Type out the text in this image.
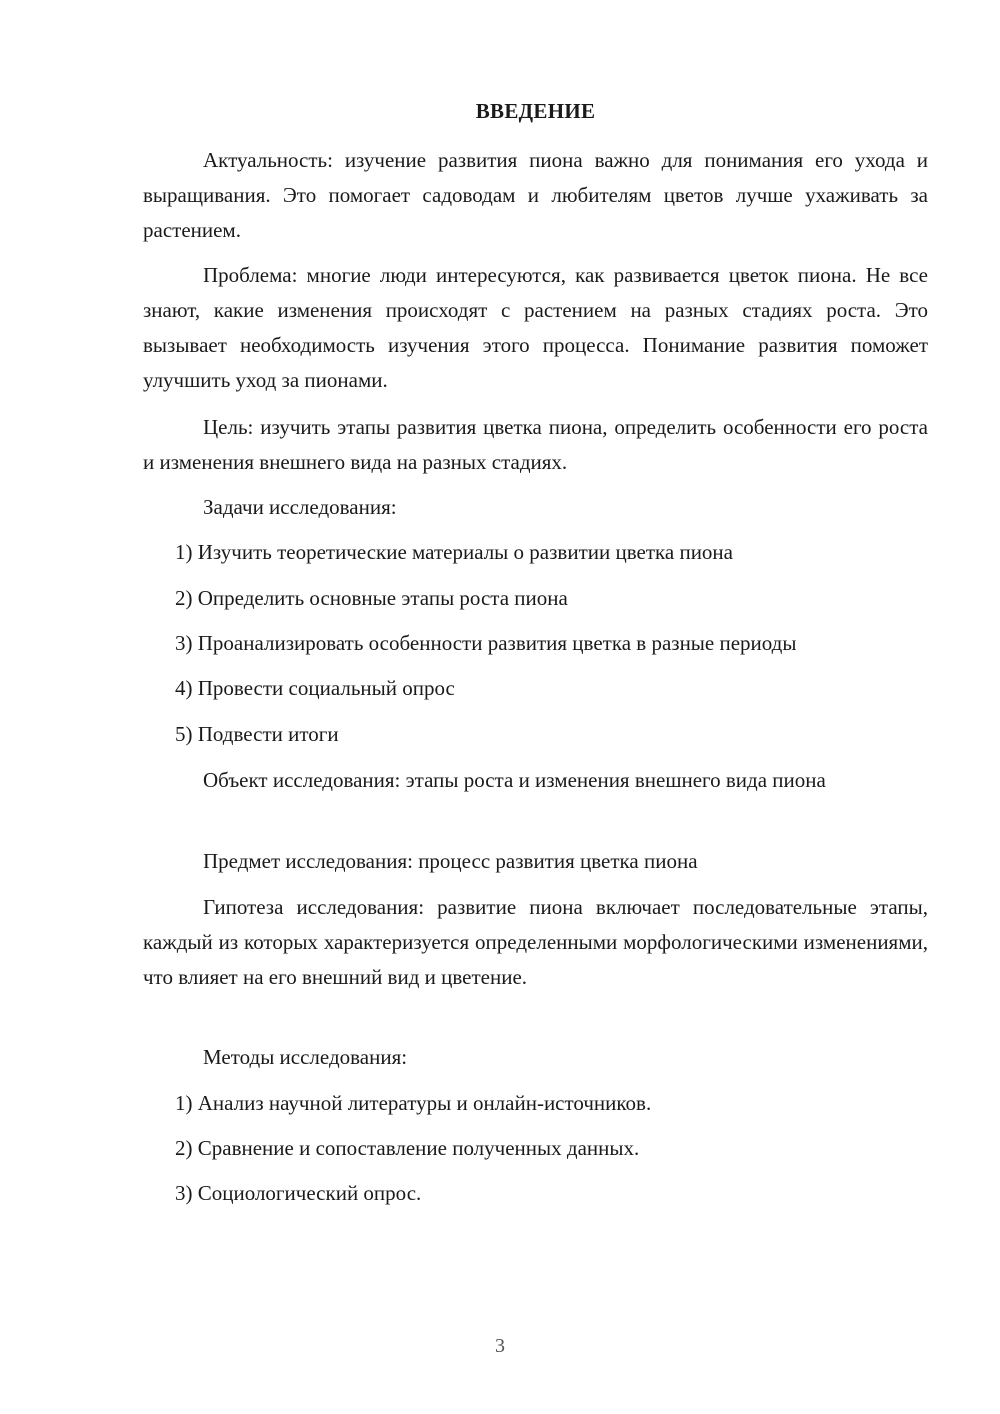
ВВЕДЕНИЕ

Актуальность: изучение развития пиона важно для понимания его ухода и выращивания. Это помогает садоводам и любителям цветов лучше ухаживать за растением.

Проблема: многие люди интересуются, как развивается цветок пиона. Не все знают, какие изменения происходят с растением на разных стадиях роста. Это вызывает необходимость изучения этого процесса. Понимание развития поможет улучшить уход за пионами.

Цель: изучить этапы развития цветка пиона, определить особенности его роста и изменения внешнего вида на разных стадиях.

Задачи исследования:

1) Изучить теоретические материалы о развитии цветка пиона

2) Определить основные этапы роста пиона

3) Проанализировать особенности развития цветка в разные периоды

4) Провести социальный опрос

5) Подвести итоги

Объект исследования: этапы роста и изменения внешнего вида пиона

Предмет исследования: процесс развития цветка пиона

Гипотеза исследования: развитие пиона включает последовательные этапы, каждый из которых характеризуется определенными морфологическими изменениями, что влияет на его внешний вид и цветение.

Методы исследования:

1) Анализ научной литературы и онлайн-источников.

2) Сравнение и сопоставление полученных данных.

3) Социологический опрос.

3
